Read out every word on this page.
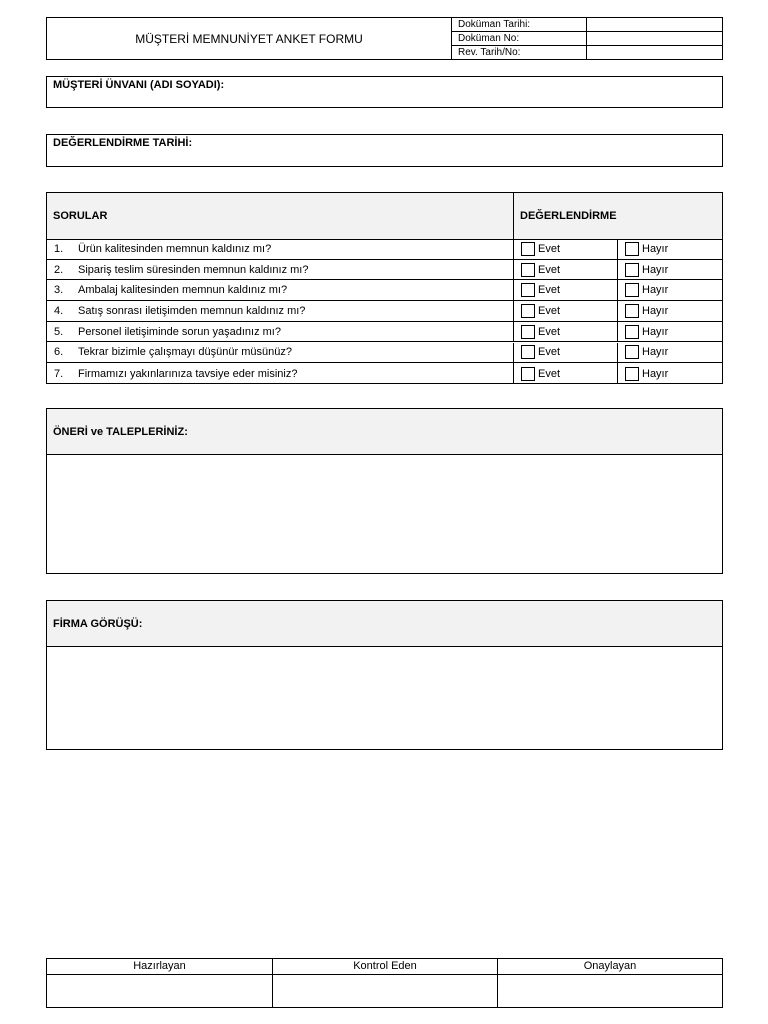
MÜŞTERİ MEMNUNİYET ANKET FORMU
Doküman Tarihi:
Doküman No:
Rev. Tarih/No:
MÜŞTERİ ÜNVANI (ADI SOYADI):
DEĞERLENDİRME TARİHİ:
SORULAR	DEĞERLENDİRME
1.	Ürün kalitesinden memnun kaldınız mı?	Evet	Hayır
2.	Sipariş teslim süresinden memnun kaldınız mı?	Evet	Hayır
3.	Ambalaj kalitesinden memnun kaldınız mı?	Evet	Hayır
4.	Satış sonrası iletişimden memnun kaldınız mı?	Evet	Hayır
5.	Personel iletişiminde sorun yaşadınız mı?	Evet	Hayır
6.	Tekrar bizimle çalışmayı düşünür müsünüz?	Evet	Hayır
7.	Firmamızı yakınlarınıza tavsiye eder misiniz?	Evet	Hayır
ÖNERİ ve TALEPLERİNİZ:
FİRMA GÖRÜŞÜ:
Hazırlayan	Kontrol Eden	Onaylayan
